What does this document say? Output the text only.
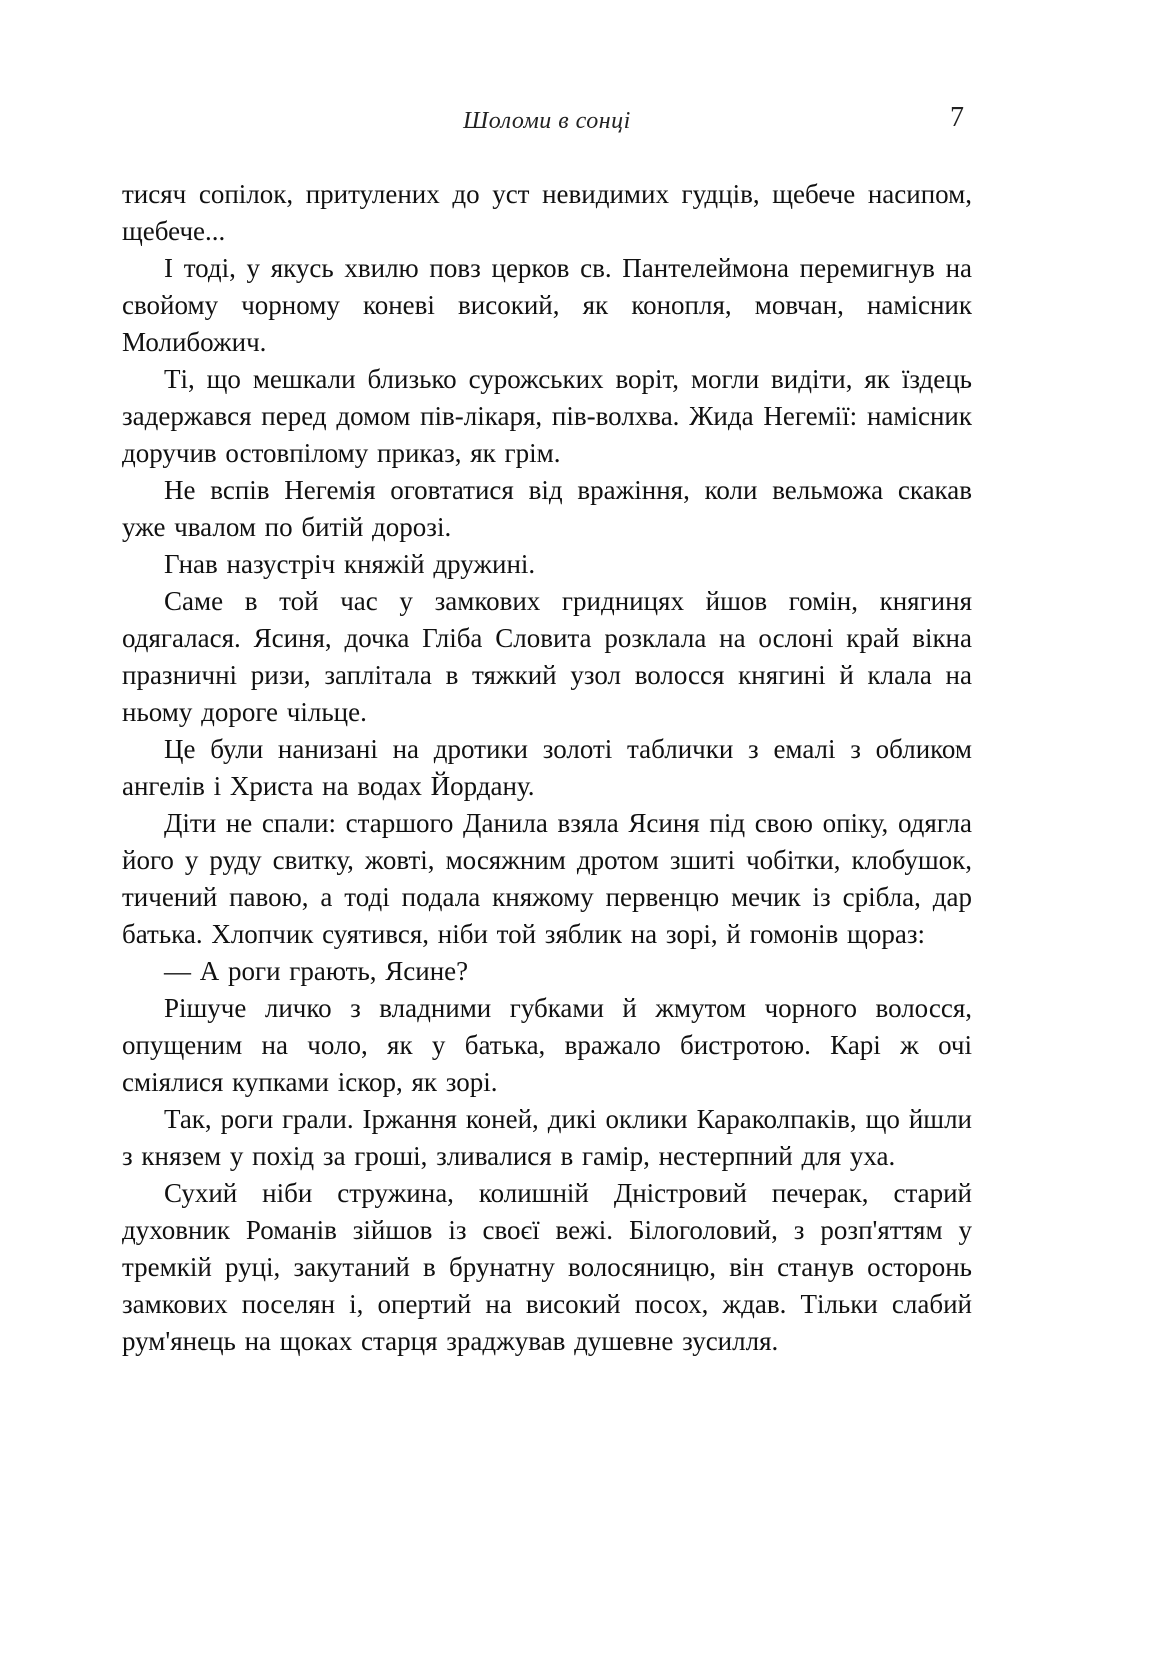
Шоломи в сонці	7

тисяч сопілок, притулених до уст невидимих гудців, щебече насипом, щебече...

І тоді, у якусь хвилю повз церков св. Пантелеймона перемигнув на свойому чорному коневі високий, як конопля, мовчан, намісник Молибожич.

Ті, що мешкали близько сурожських воріт, могли видіти, як їздець задержався перед домом пів-лікаря, пів-волхва. Жида Негемії: намісник доручив остовпілому приказ, як грім.

Не вспів Негемія оговтатися від вражіння, коли вельможа скакав уже чвалом по битій дорозі.

Гнав назустріч княжій дружині.

Саме в той час у замкових гридницях йшов гомін, княгиня одягалася. Ясиня, дочка Гліба Словита розклала на ослоні край вікна празничні ризи, заплітала в тяжкий узол волосся княгині й клала на ньому дороге чільце.

Це були нанизані на дротики золоті таблички з емалі з обликом ангелів і Христа на водах Йордану.

Діти не спали: старшого Данила взяла Ясиня під свою опіку, одягла його у руду свитку, жовті, мосяжним дротом зшиті чобітки, клобушок, тичений павою, а тоді подала княжому первенцю мечик із срібла, дар батька. Хлопчик суятився, ніби той зяблик на зорі, й гомонів щораз:

— А роги грають, Ясине?

Рішуче личко з владними губками й жмутом чорного волосся, опущеним на чоло, як у батька, вражало бистротою. Карі ж очі сміялися купками іскор, як зорі.

Так, роги грали. Іржання коней, дикі оклики Караколпаків, що йшли з князем у похід за гроші, зливалися в гамір, нестерпний для уха.

Сухий ніби стружина, колишній Дністровий печерак, старий духовник Романів зійшов із своєї вежі. Білоголовий, з розп'яттям у тремкій руці, закутаний в брунатну волосяницю, він станув осторонь замкових поселян і, опертий на високий посох, ждав. Тільки слабий рум'янець на щоках старця зраджував душевне зусилля.
